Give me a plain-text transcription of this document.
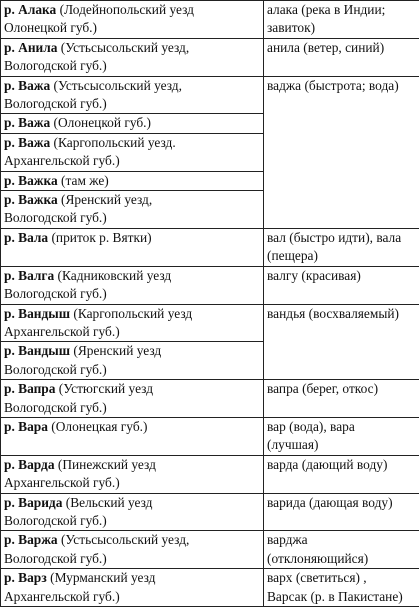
р. Алака (Лодейнопольский уезд
Олонецкой губ.)	алака (река в Индии;
завиток)

р. Анила (Устьсысольский уезд,
Вологодской губ.)	анила (ветер, синий)

р. Важа (Устьсысольский уезд,
Вологодской губ.)	ваджа (быстрота; вода)

р. Важа (Олонецкой губ.)	

р. Важа (Каргопольский уезд.
Архангельской губ.)	

р. Важка (там же)	

р. Важка (Яренский уезд,
Вологодской губ.)	

р. Вала (приток р. Вятки)	вал (быстро идти), вала
(пещера)

р. Валга (Кадниковский уезд
Вологодской губ.)	валгу (красивая)

р. Вандыш (Каргопольский уезд
Архангельской губ.)	вандья (восхваляемый)

р. Вандыш (Яренский уезд
Вологодской губ.)	

р. Вапра (Устюгский уезд
Вологодской губ.)	вапра (берег, откос)

р. Вара (Олонецкая губ.)	вар (вода), вара
(лучшая)

р. Варда (Пинежский уезд
Архангельской губ.)	варда (дающий воду)

р. Варида (Вельский уезд
Вологодской губ.)	варида (дающая воду)

р. Варжа (Устьсысольский уезд,
Вологодской губ.)	варджа
(отклоняющийся)

р. Варз (Мурманский уезд
Архангельской губ.)	варх (светиться) ,
Варсак (р. в Пакистане)
